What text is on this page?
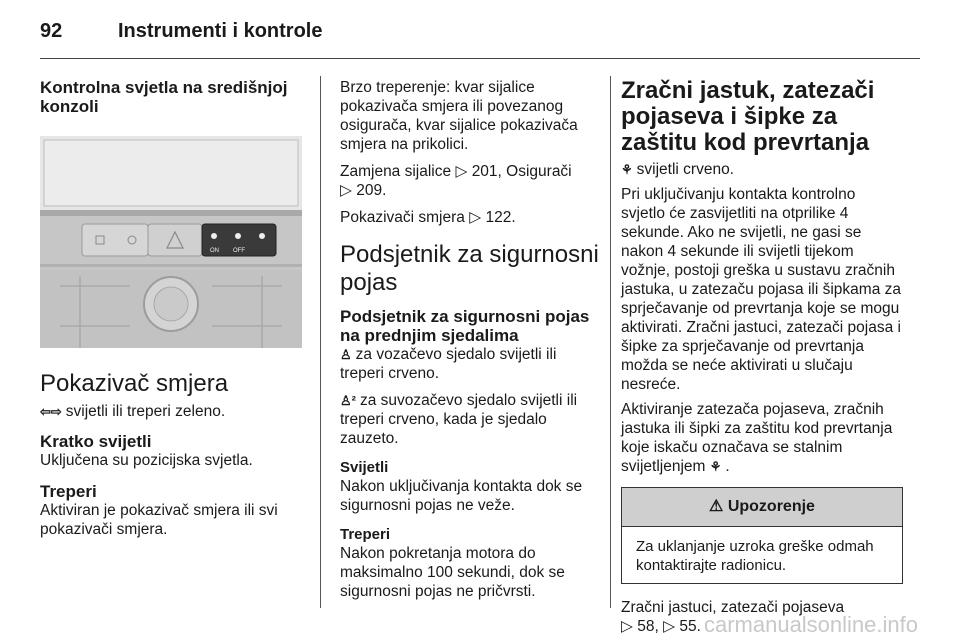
92	Instrumenti i kontrole
Kontrolna svjetla na središnjoj konzoli
ON OFF
Pokazivač smjera

⇦⇨ svijetli ili treperi zeleno.

Kratko svijetli

Uključena su pozicijska svjetla.

Treperi

Aktiviran je pokazivač smjera ili svi pokazivači smjera.

Brzo treperenje: kvar sijalice pokazivača smjera ili povezanog osigurača, kvar sijalice pokazivača smjera na prikolici.

Zamjena sijalice ▷ 201, Osigurači
▷ 209.

Pokazivači smjera ▷ 122.

Podsjetnik za sigurnosni pojas
Podsjetnik za sigurnosni pojas na prednjim sjedalima

♙ za vozačevo sjedalo svijetli ili treperi crveno.

♙² za suvozačevo sjedalo svijetli ili treperi crveno, kada je sjedalo zauzeto.

Svijetli

Nakon uključivanja kontakta dok se sigurnosni pojas ne veže.

Treperi

Nakon pokretanja motora do maksimalno 100 sekundi, dok se sigurnosni pojas ne pričvrsti.

Zračni jastuk, zatezači pojaseva i šipke za zaštitu kod prevrtanja

⚘ svijetli crveno.

Pri uključivanju kontakta kontrolno svjetlo će zasvijetliti na otprilike 4 sekunde. Ako ne svijetli, ne gasi se nakon 4 sekunde ili svijetli tijekom vožnje, postoji greška u sustavu zračnih jastuka, u zatezaču pojasa ili šipkama za sprječavanje od prevrtanja koje se mogu aktivirati. Zračni jastuci, zatezači pojasa i šipke za sprječavanje od prevrtanja možda se neće aktivirati u slučaju nesreće.

Aktiviranje zatezača pojaseva, zračnih jastuka ili šipki za zaštitu kod prevrtanja koje iskaču označava se stalnim svijetljenjem ⚘ .

⚠ Upozorenje
Za uklanjanje uzroka greške odmah kontaktirajte radionicu.

Zračni jastuci, zatezači pojaseva
▷ 58, ▷ 55. carmanualsonline.info
